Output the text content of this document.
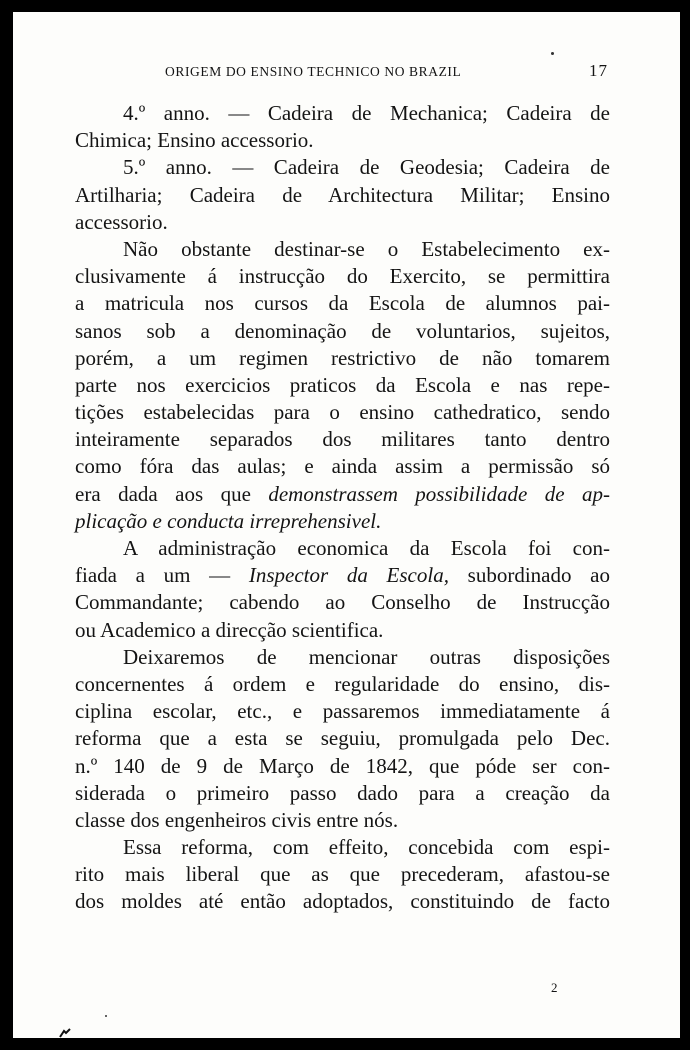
ORIGEM DO ENSINO TECHNICO NO BRAZIL	17
4.º anno. — Cadeira de Mechanica; Cadeira de
Chimica; Ensino accessorio.
5.º anno. — Cadeira de Geodesia; Cadeira de
Artilharia; Cadeira de Architectura Militar; Ensino
accessorio.
Não obstante destinar-se o Estabelecimento ex-
clusivamente á instrucção do Exercito, se permittira
a matricula nos cursos da Escola de alumnos pai-
sanos sob a denominação de voluntarios, sujeitos,
porém, a um regimen restrictivo de não tomarem
parte nos exercicios praticos da Escola e nas repe-
tições estabelecidas para o ensino cathedratico, sendo
inteiramente separados dos militares tanto dentro
como fóra das aulas; e ainda assim a permissão só
era dada aos que demonstrassem possibilidade de ap-
plicação e conducta irreprehensivel.
A administração economica da Escola foi con-
fiada a um — Inspector da Escola, subordinado ao
Commandante; cabendo ao Conselho de Instrucção
ou Academico a direcção scientifica.
Deixaremos de mencionar outras disposições
concernentes á ordem e regularidade do ensino, dis-
ciplina escolar, etc., e passaremos immediatamente á
reforma que a esta se seguiu, promulgada pelo Dec.
n.º 140 de 9 de Março de 1842, que póde ser con-
siderada o primeiro passo dado para a creação da
classe dos engenheiros civis entre nós.
Essa reforma, com effeito, concebida com espi-
rito mais liberal que as que precederam, afastou-se
dos moldes até então adoptados, constituindo de facto
2
